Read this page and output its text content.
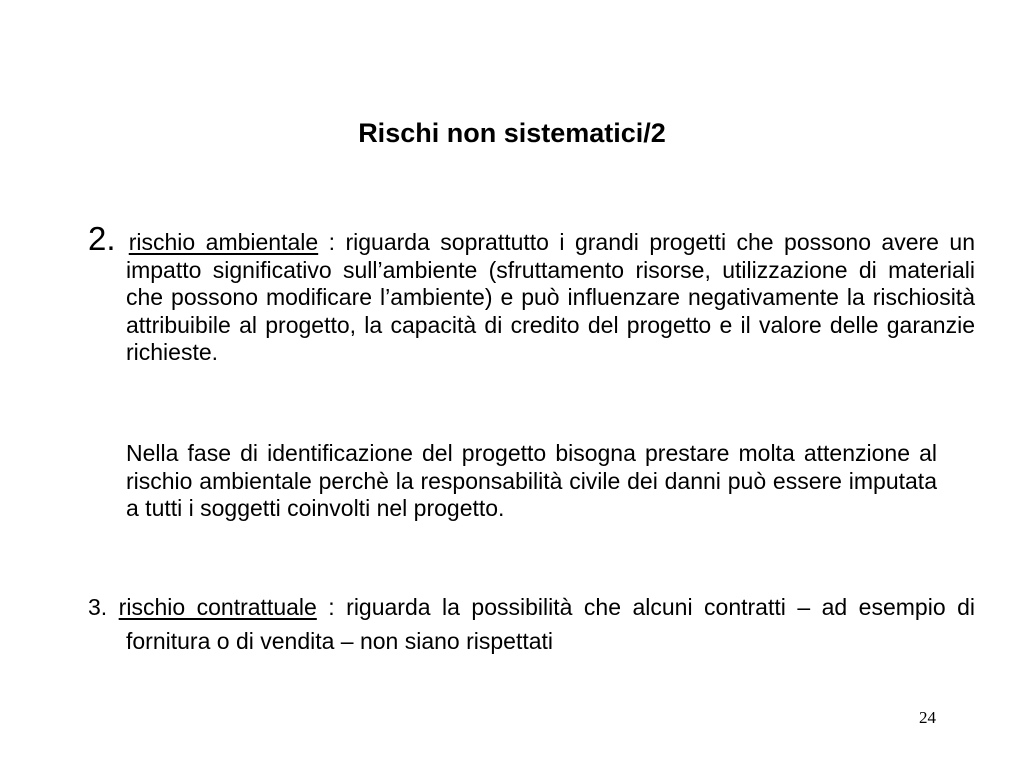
Rischi non sistematici/2
2. rischio ambientale : riguarda soprattutto i grandi progetti che possono avere un impatto significativo sull’ambiente (sfruttamento risorse, utilizzazione di materiali che possono modificare l’ambiente) e può influenzare negativamente la rischiosità attribuibile al progetto, la capacità di credito del progetto e il valore delle garanzie richieste.
Nella fase di identificazione del progetto bisogna prestare molta attenzione al rischio ambientale perchè la responsabilità civile dei danni può essere imputata a tutti i soggetti coinvolti nel progetto.
3. rischio contrattuale : riguarda la possibilità che alcuni contratti – ad esempio di fornitura o di vendita – non siano rispettati
24
